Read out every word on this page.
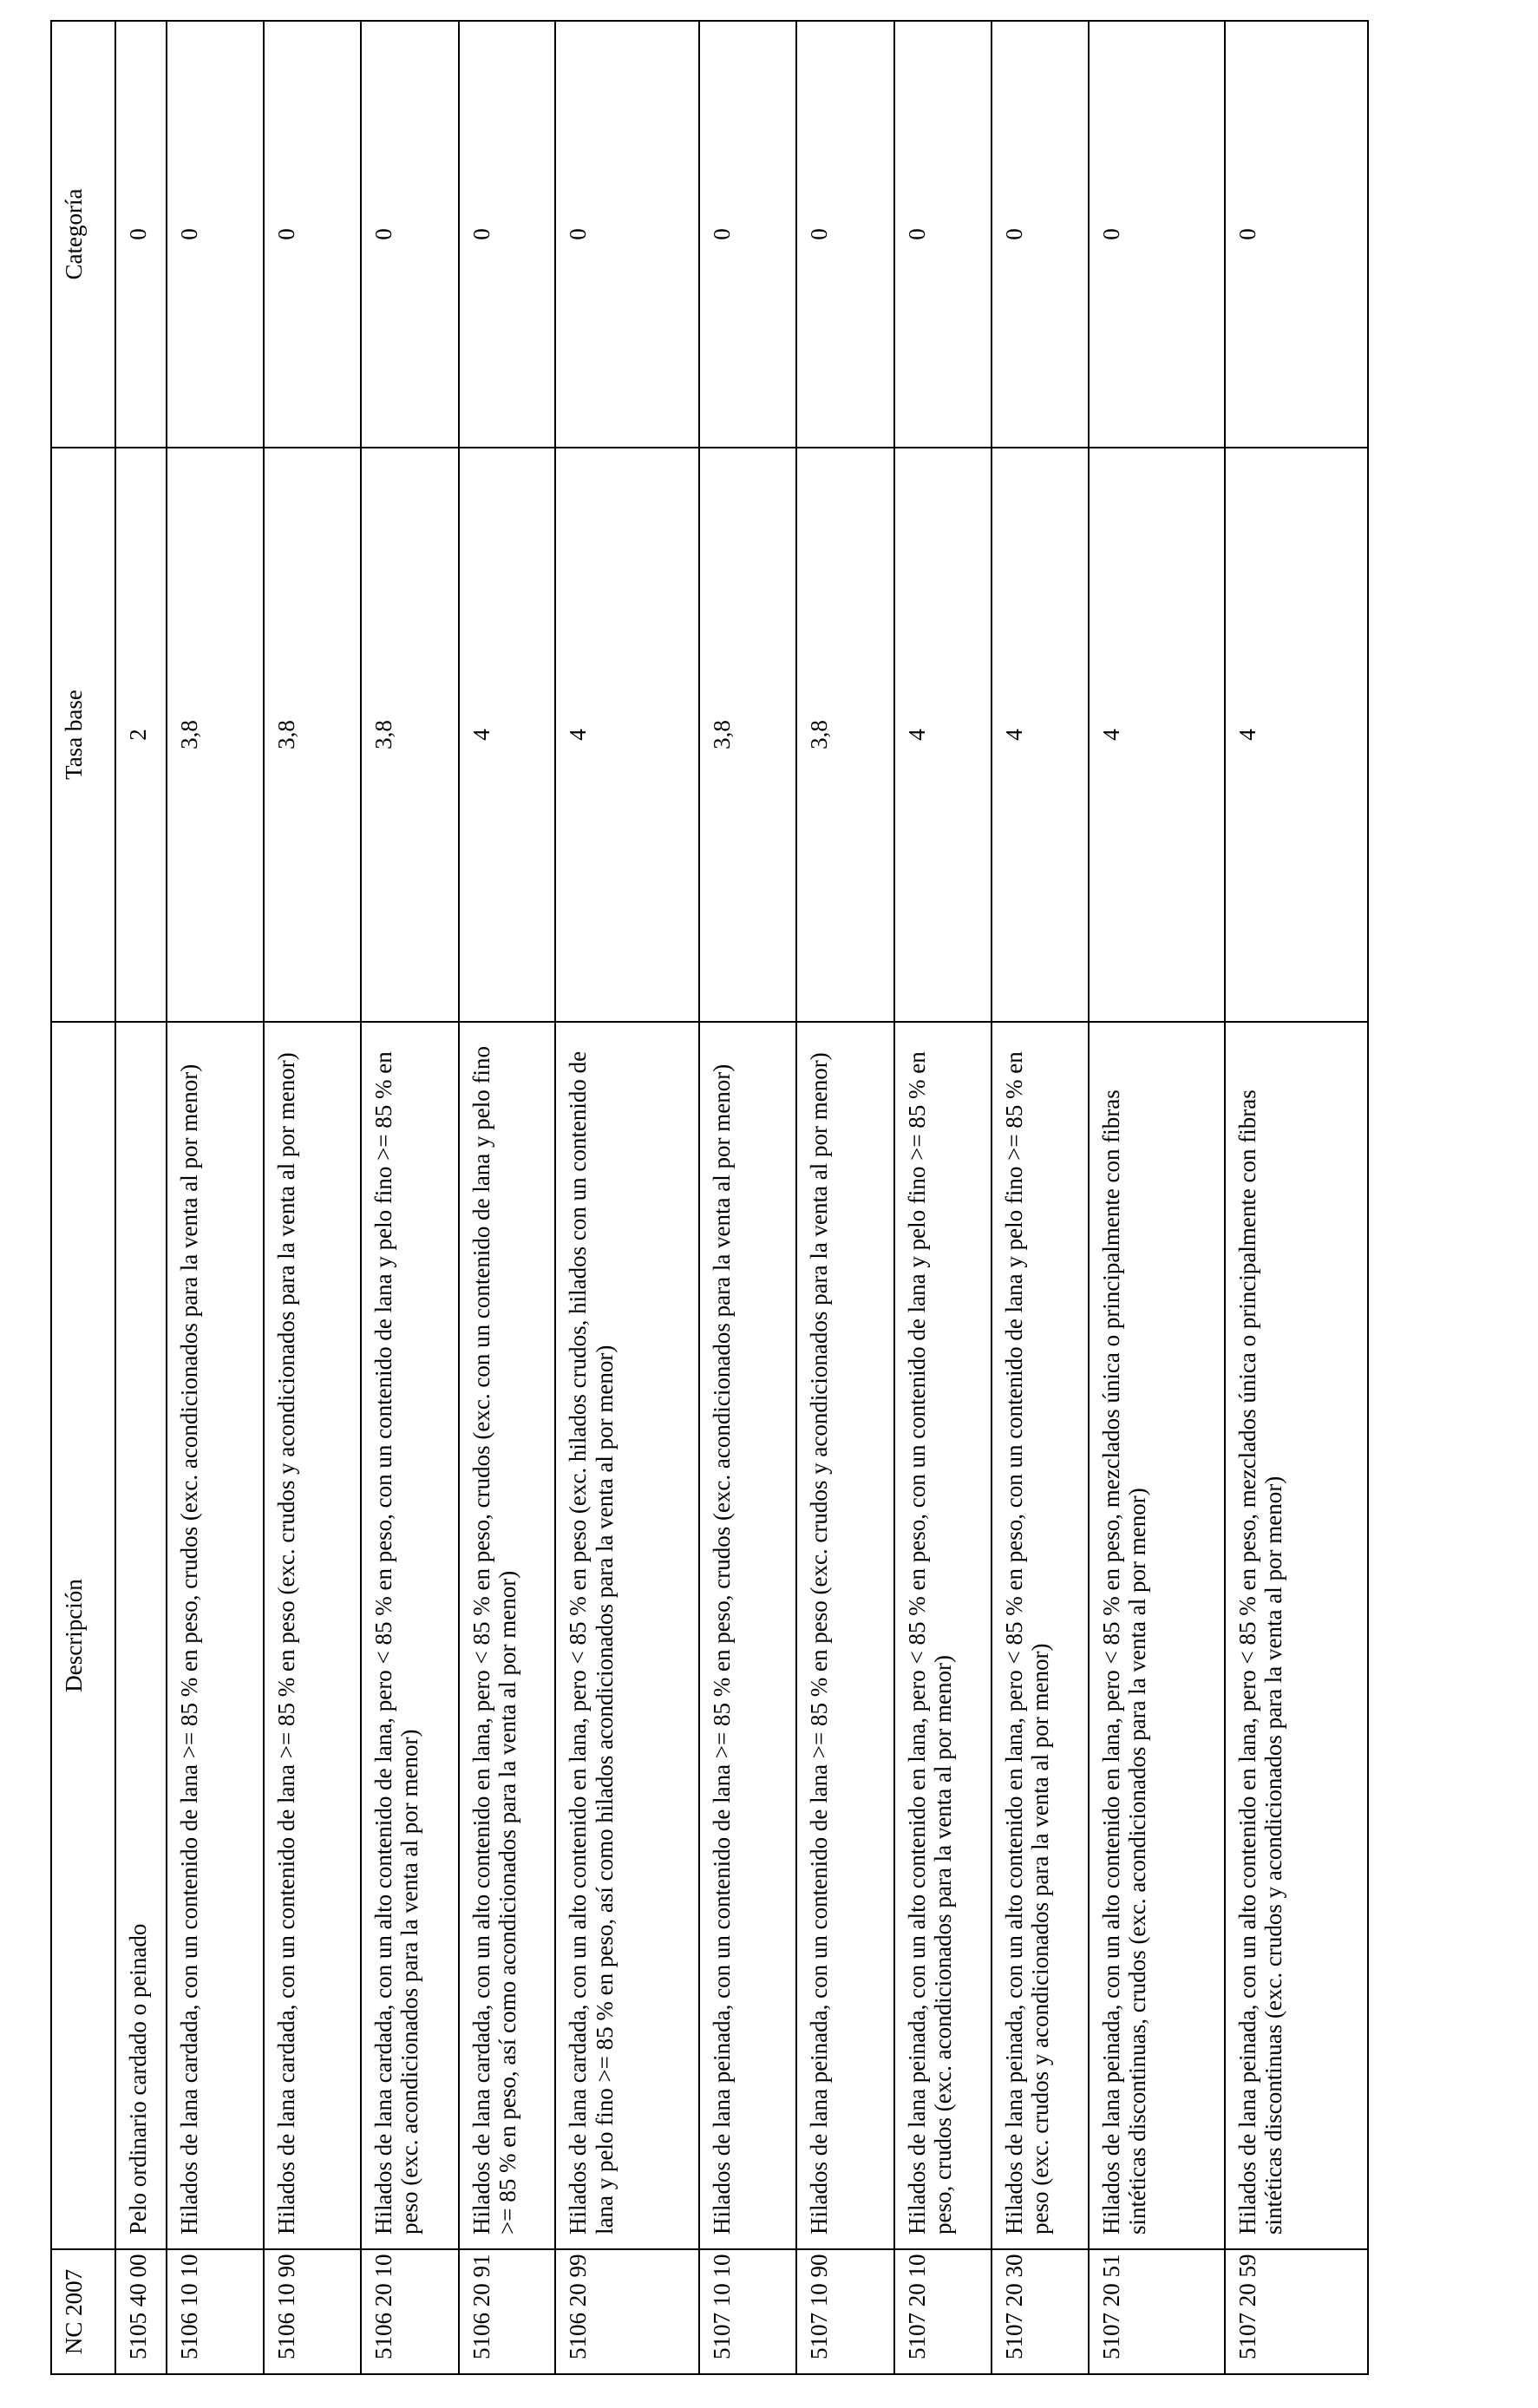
NC 2007	Descripción	Tasa base	Categoría
5105 40 00	Pelo ordinario cardado o peinado	2	0
5106 10 10	Hilados de lana cardada, con un contenido de lana >= 85 % en peso, crudos (exc. acondicionados para la venta al por menor)	3,8	0
5106 10 90	Hilados de lana cardada, con un contenido de lana >= 85 % en peso (exc. crudos y acondicionados para la venta al por menor)	3,8	0
5106 20 10	Hilados de lana cardada, con un alto contenido de lana, pero < 85 % en peso, con un contenido de lana y pelo fino >= 85 % en peso (exc. acondicionados para la venta al por menor)	3,8	0
5106 20 91	Hilados de lana cardada, con un alto contenido en lana, pero < 85 % en peso, crudos (exc. con un contenido de lana y pelo fino >= 85 % en peso, así como acondicionados para la venta al por menor)	4	0
5106 20 99	Hilados de lana cardada, con un alto contenido en lana, pero < 85 % en peso (exc. hilados crudos, hilados con un contenido de lana y pelo fino >= 85 % en peso, así como hilados acondicionados para la venta al por menor)	4	0
5107 10 10	Hilados de lana peinada, con un contenido de lana >= 85 % en peso, crudos (exc. acondicionados para la venta al por menor)	3,8	0
5107 10 90	Hilados de lana peinada, con un contenido de lana >= 85 % en peso (exc. crudos y acondicionados para la venta al por menor)	3,8	0
5107 20 10	Hilados de lana peinada, con un alto contenido en lana, pero < 85 % en peso, con un contenido de lana y pelo fino >= 85 % en peso, crudos (exc. acondicionados para la venta al por menor)	4	0
5107 20 30	Hilados de lana peinada, con un alto contenido en lana, pero < 85 % en peso, con un contenido de lana y pelo fino >= 85 % en peso (exc. crudos y acondicionados para la venta al por menor)	4	0
5107 20 51	Hilados de lana peinada, con un alto contenido en lana, pero < 85 % en peso, mezclados única o principalmente con fibras sintéticas discontinuas, crudos (exc. acondicionados para la venta al por menor)	4	0
5107 20 59	Hilados de lana peinada, con un alto contenido en lana, pero < 85 % en peso, mezclados única o principalmente con fibras sintéticas discontinuas (exc. crudos y acondicionados para la venta al por menor)	4	0
